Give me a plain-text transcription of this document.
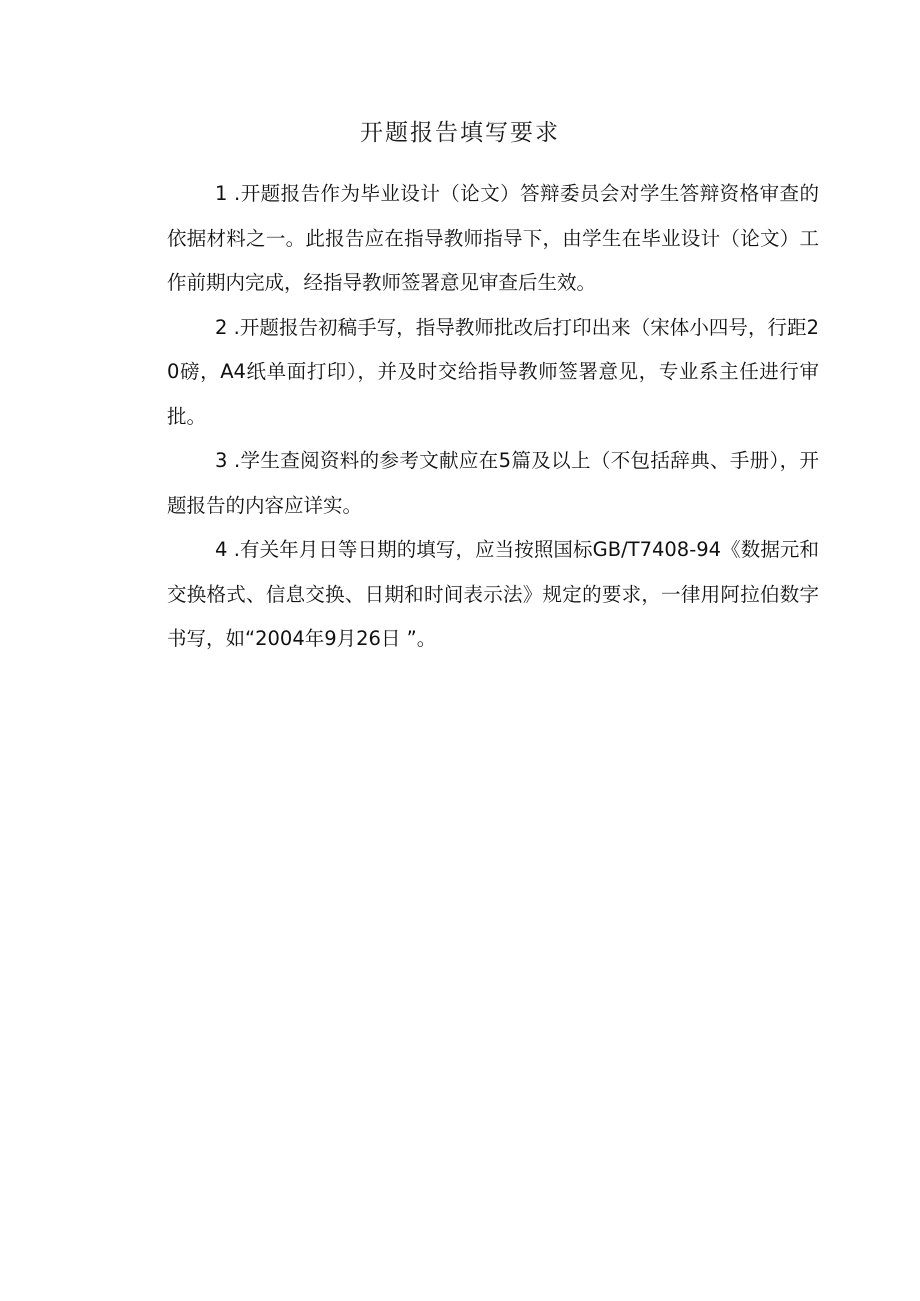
开题报告填写要求

1 .开题报告作为毕业设计（论文）答辩委员会对学生答辩资格审查的依据材料之一。此报告应在指导教师指导下，由学生在毕业设计（论文）工作前期内完成，经指导教师签署意见审查后生效。

2 .开题报告初稿手写，指导教师批改后打印出来（宋体小四号，行距20磅，A4纸单面打印），并及时交给指导教师签署意见，专业系主任进行审批。

3 .学生查阅资料的参考文献应在5篇及以上（不包括辞典、手册），开题报告的内容应详实。

4 .有关年月日等日期的填写，应当按照国标GB/T7408-94《数据元和交换格式、信息交换、日期和时间表示法》规定的要求，一律用阿拉伯数字书写，如“2004年9月26日 ”。
